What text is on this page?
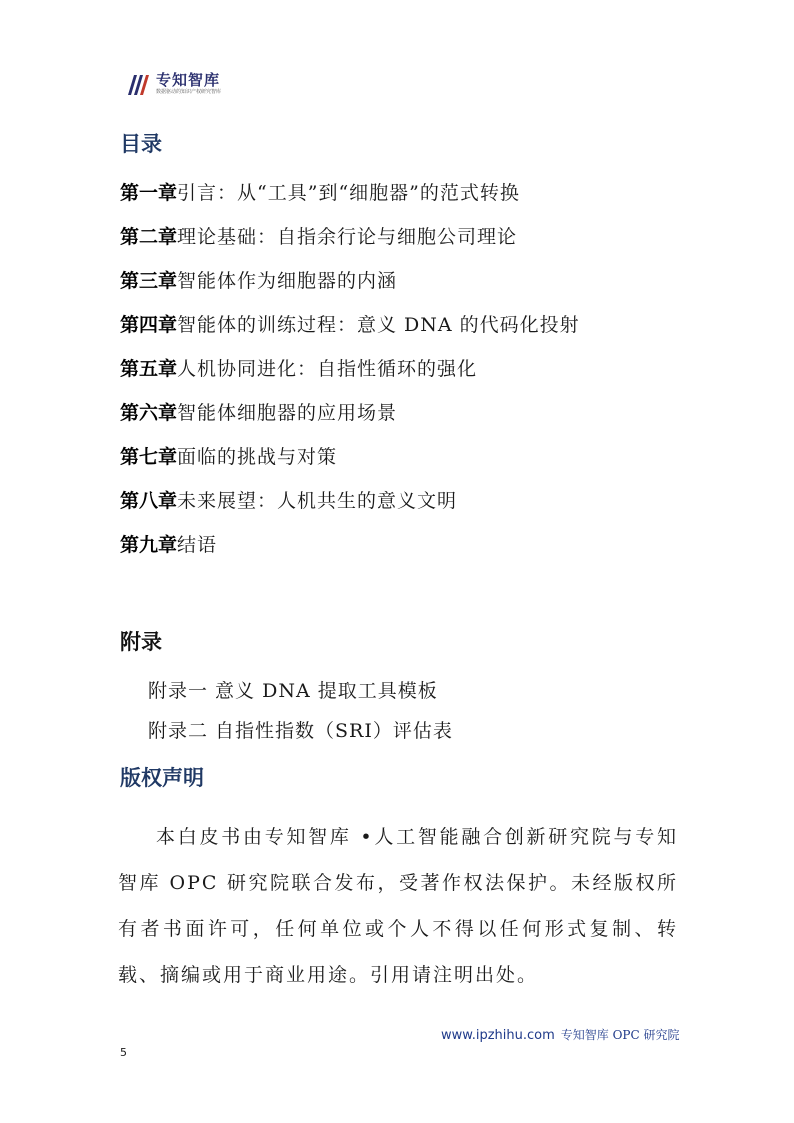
专知智库
数据驱动的知识产权研究智库
目录
第一章引言：从“工具”到“细胞器”的范式转换
第二章理论基础：自指余行论与细胞公司理论
第三章智能体作为细胞器的内涵
第四章智能体的训练过程：意义 DNA 的代码化投射
第五章人机协同进化：自指性循环的强化
第六章智能体细胞器的应用场景
第七章面临的挑战与对策
第八章未来展望：人机共生的意义文明
第九章结语
附录
附录一 意义 DNA 提取工具模板
附录二 自指性指数（SRI）评估表
版权声明

本白皮书由专知智库 •人工智能融合创新研究院与专知智库 OPC 研究院联合发布，受著作权法保护。未经版权所有者书面许可，任何单位或个人不得以任何形式复制、转载、摘编或用于商业用途。引用请注明出处。

www.ipzhihu.com 专知智库 OPC 研究院
5
